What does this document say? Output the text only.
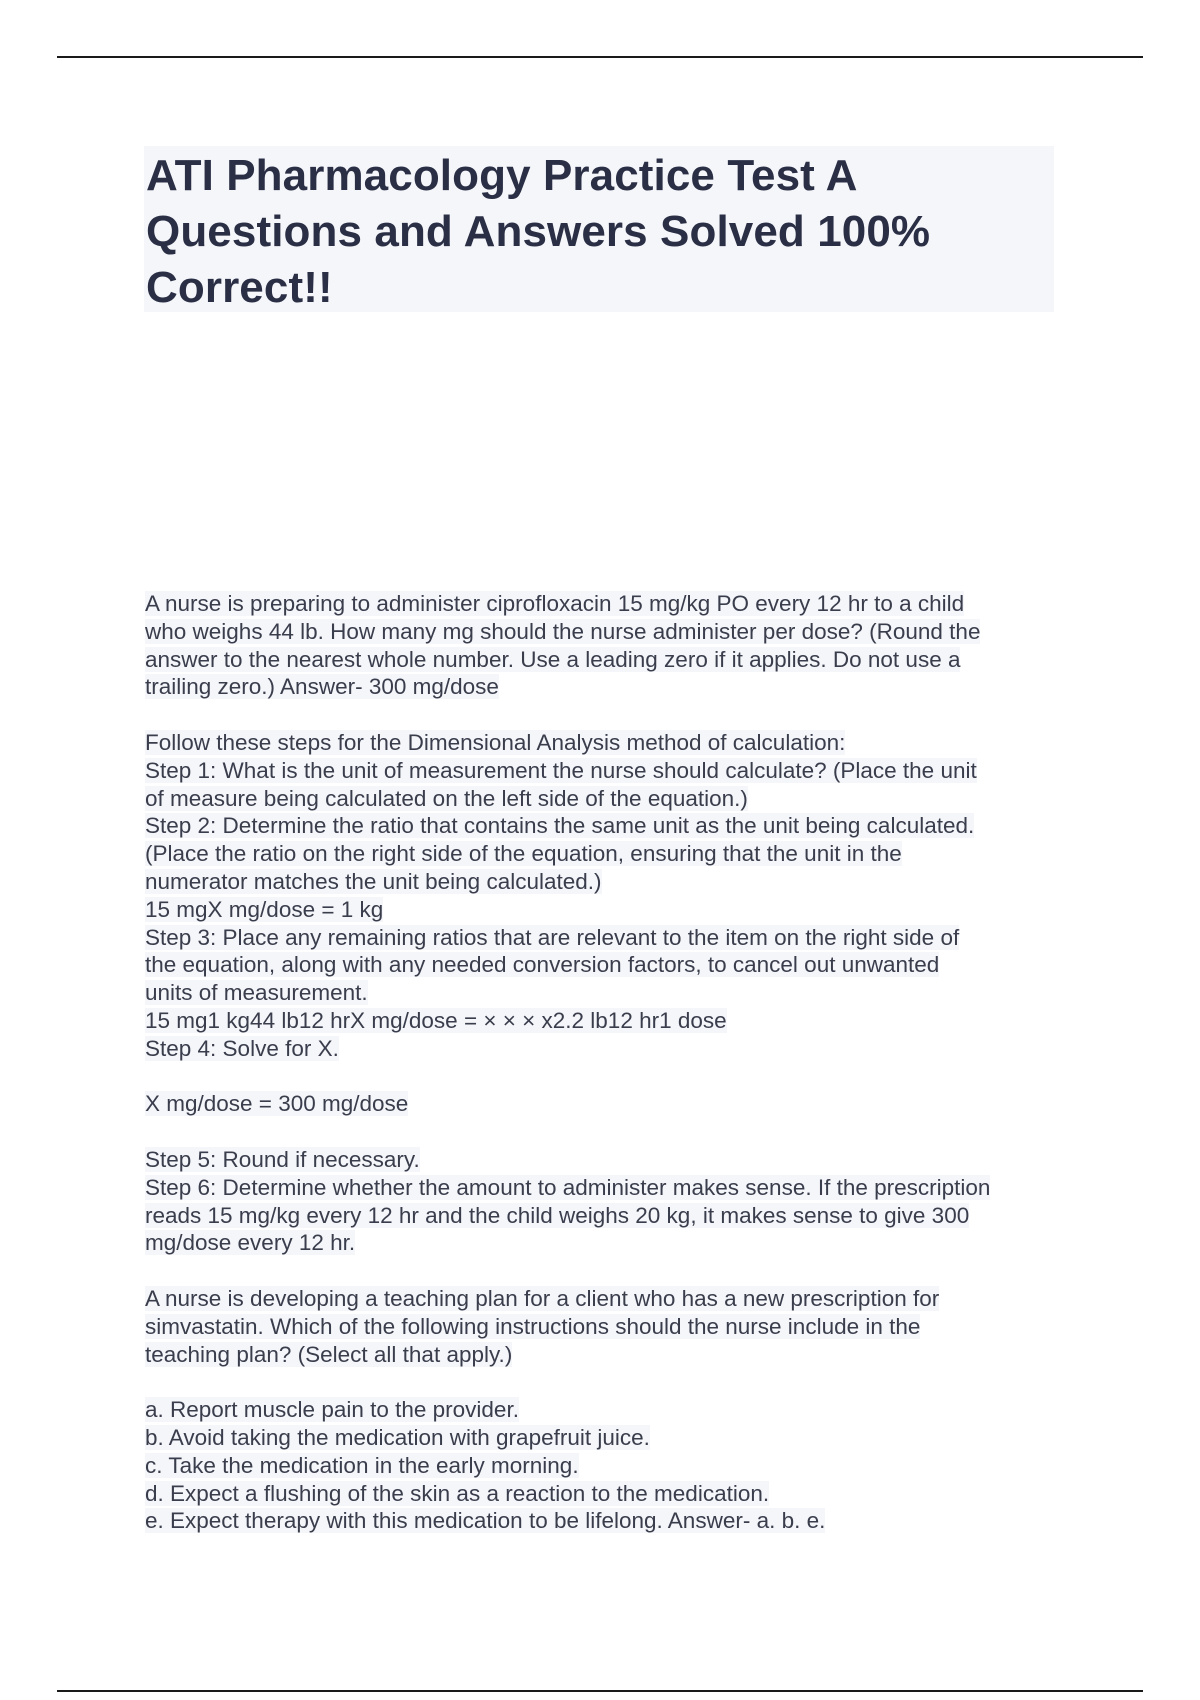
ATI Pharmacology Practice Test A
Questions and Answers Solved 100%
Correct!!
A nurse is preparing to administer ciprofloxacin 15 mg/kg PO every 12 hr to a child
who weighs 44 lb. How many mg should the nurse administer per dose? (Round the
answer to the nearest whole number. Use a leading zero if it applies. Do not use a
trailing zero.) Answer- 300 mg/dose
Follow these steps for the Dimensional Analysis method of calculation:
Step 1: What is the unit of measurement the nurse should calculate? (Place the unit
of measure being calculated on the left side of the equation.)
Step 2: Determine the ratio that contains the same unit as the unit being calculated.
(Place the ratio on the right side of the equation, ensuring that the unit in the
numerator matches the unit being calculated.)
15 mgX mg/dose = 1 kg
Step 3: Place any remaining ratios that are relevant to the item on the right side of
the equation, along with any needed conversion factors, to cancel out unwanted
units of measurement.
15 mg1 kg44 lb12 hrX mg/dose = × × × x2.2 lb12 hr1 dose
Step 4: Solve for X.
X mg/dose = 300 mg/dose
Step 5: Round if necessary.
Step 6: Determine whether the amount to administer makes sense. If the prescription
reads 15 mg/kg every 12 hr and the child weighs 20 kg, it makes sense to give 300
mg/dose every 12 hr.
A nurse is developing a teaching plan for a client who has a new prescription for
simvastatin. Which of the following instructions should the nurse include in the
teaching plan? (Select all that apply.)
a. Report muscle pain to the provider.
b. Avoid taking the medication with grapefruit juice.
c. Take the medication in the early morning.
d. Expect a flushing of the skin as a reaction to the medication.
e. Expect therapy with this medication to be lifelong. Answer- a. b. e.
